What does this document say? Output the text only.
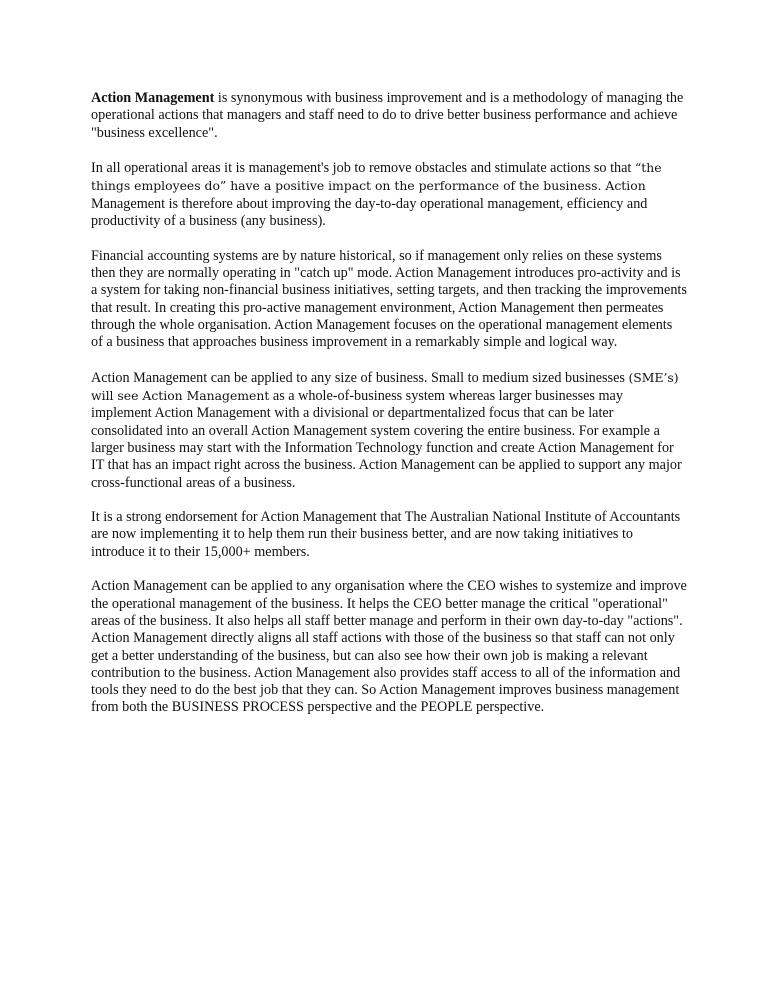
Action Management is synonymous with business improvement and is a methodology of managing the operational actions that managers and staff need to do to drive better business performance and achieve "business excellence".

In all operational areas it is management's job to remove obstacles and stimulate actions so that “the things employees do” have a positive impact on the performance of the business. Action Management is therefore about improving the day-to-day operational management, efficiency and productivity of a business (any business).

Financial accounting systems are by nature historical, so if management only relies on these systems then they are normally operating in "catch up" mode. Action Management introduces pro-activity and is a system for taking non-financial business initiatives, setting targets, and then tracking the improvements that result. In creating this pro-active management environment, Action Management then permeates through the whole organisation. Action Management focuses on the operational management elements of a business that approaches business improvement in a remarkably simple and logical way.

Action Management can be applied to any size of business. Small to medium sized businesses (SME’s) will see Action Management as a whole-of-business system whereas larger businesses may implement Action Management with a divisional or departmentalized focus that can be later consolidated into an overall Action Management system covering the entire business. For example a larger business may start with the Information Technology function and create Action Management for IT that has an impact right across the business. Action Management can be applied to support any major cross-functional areas of a business.

It is a strong endorsement for Action Management that The Australian National Institute of Accountants are now implementing it to help them run their business better, and are now taking initiatives to introduce it to their 15,000+ members.

Action Management can be applied to any organisation where the CEO wishes to systemize and improve the operational management of the business. It helps the CEO better manage the critical "operational" areas of the business. It also helps all staff better manage and perform in their own day-to-day "actions". Action Management directly aligns all staff actions with those of the business so that staff can not only get a better understanding of the business, but can also see how their own job is making a relevant contribution to the business. Action Management also provides staff access to all of the information and tools they need to do the best job that they can. So Action Management improves business management from both the BUSINESS PROCESS perspective and the PEOPLE perspective.
